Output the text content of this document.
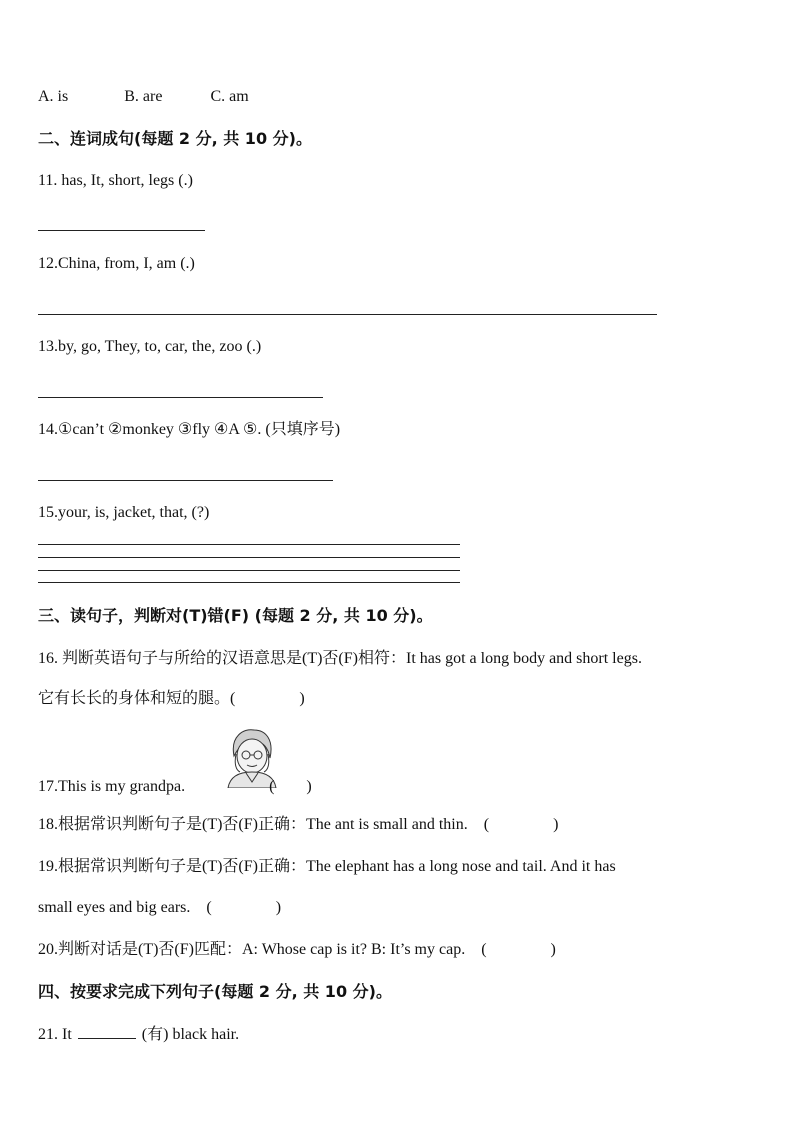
A. is	B. are	C. am
二、连词成句(每题 2 分, 共 10 分)。
11. has, It, short, legs (.)
12.China, from, I, am (.)
13.by, go, They, to, car, the, zoo (.)
14.①can’t ②monkey ③fly ④A ⑤. (只填序号)
15.your, is, jacket, that, (?)
三、读句子，判断对(T)错(F) (每题 2 分, 共 10 分)。
16. 判断英语句子与所给的汉语意思是(T)否(F)相符：It has got a long body and short legs.
它有长长的身体和短的腿。(　　　　)
17.This is my grandpa.	(　　)
18.根据常识判断句子是(T)否(F)正确：The ant is small and thin.　(　　　　)
19.根据常识判断句子是(T)否(F)正确：The elephant has a long nose and tail. And it has
small eyes and big ears.　(　　　　)
20.判断对话是(T)否(F)匹配：A: Whose cap is it? B: It’s my cap.　(　　　　)
四、按要求完成下列句子(每题 2 分, 共 10 分)。
21. It	(有) black hair.
